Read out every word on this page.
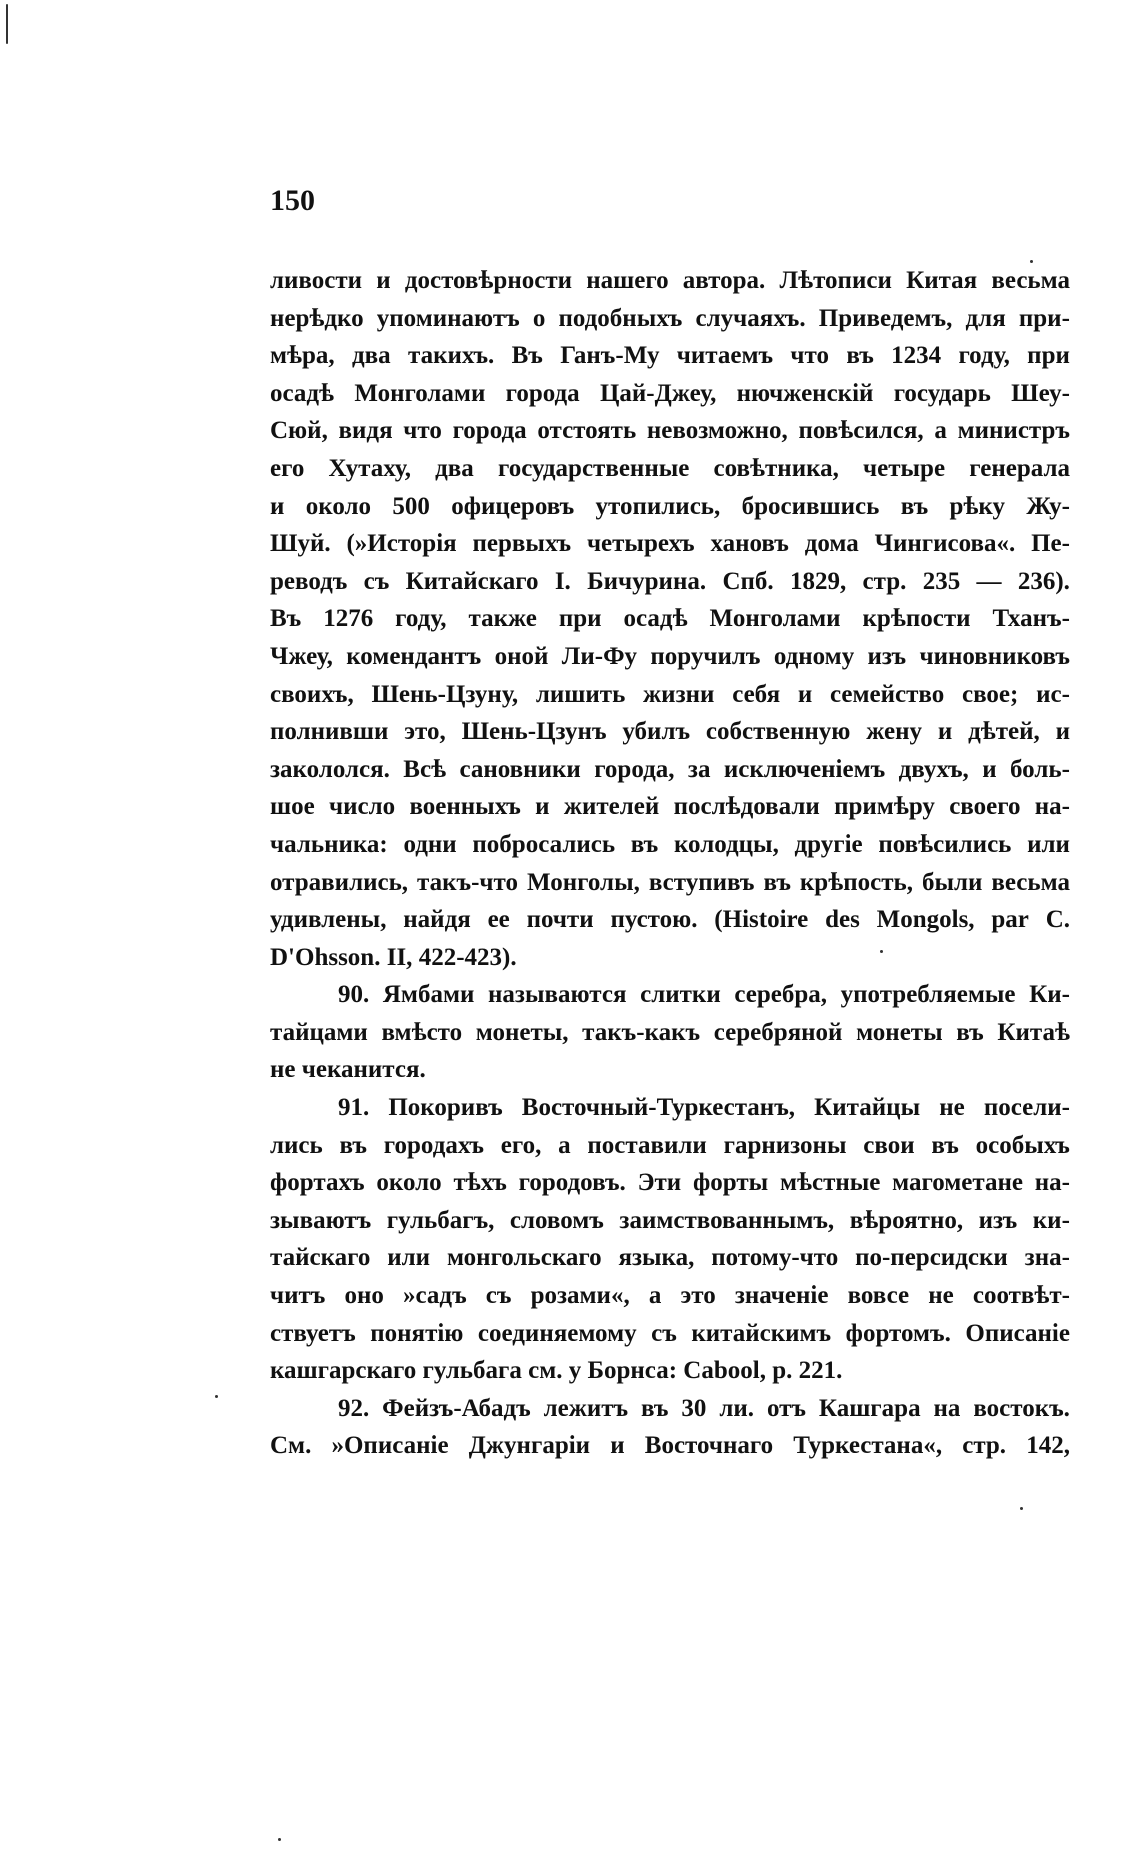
150
ливости и достовѣрности нашего автора. Лѣтописи Китая весьма
нерѣдко упоминаютъ о подобныхъ случаяхъ. Приведемъ, для при-
мѣра, два такихъ. Въ Ганъ-Му читаемъ что въ 1234 году, при
осадѣ Монголами города Цай-Джеу, нючженскій государь Шеу-
Сюй, видя что города отстоять невозможно, повѣсился, а министръ
его Хутаху, два государственные совѣтника, четыре генерала
и около 500 офицеровъ утопились, бросившись въ рѣку Жу-
Шуй. (»Исторія первыхъ четырехъ хановъ дома Чингисова«. Пе-
реводъ съ Китайскаго І. Бичурина. Спб. 1829, стр. 235 — 236).
Въ 1276 году, также при осадѣ Монголами крѣпости Тханъ-
Чжеу, комендантъ оной Ли-Фу поручилъ одному изъ чиновниковъ
своихъ, Шень-Цзуну, лишить жизни себя и семейство свое; ис-
полнивши это, Шень-Цзунъ убилъ собственную жену и дѣтей, и
закололся. Всѣ сановники города, за исключеніемъ двухъ, и боль-
шое число военныхъ и жителей послѣдовали примѣру своего на-
чальника: одни побросались въ колодцы, другіе повѣсились или
отравились, такъ-что Монголы, вступивъ въ крѣпость, были весьма
удивлены, найдя ее почти пустою. (Histoire des Mongols, par C.
D'Ohsson. II, 422-423).
90. Ямбами называются слитки серебра, употребляемые Ки-
тайцами вмѣсто монеты, такъ-какъ серебряной монеты въ Китаѣ
не чеканится.
91. Покоривъ Восточный-Туркестанъ, Китайцы не посели-
лись въ городахъ его, а поставили гарнизоны свои въ особыхъ
фортахъ около тѣхъ городовъ. Эти форты мѣстные магометане на-
зываютъ гульбагъ, словомъ заимствованнымъ, вѣроятно, изъ ки-
тайскаго или монгольскаго языка, потому-что по-персидски зна-
читъ оно »садъ съ розами«, а это значеніе вовсе не соотвѣт-
ствуетъ понятію соединяемому съ китайскимъ фортомъ. Описаніе
кашгарскаго гульбага см. у Борнса: Cabool, p. 221.
92. Фейзъ-Абадъ лежитъ въ 30 ли. отъ Кашгара на востокъ.
См. »Описаніе Джунгаріи и Восточнаго Туркестана«, стр. 142,
